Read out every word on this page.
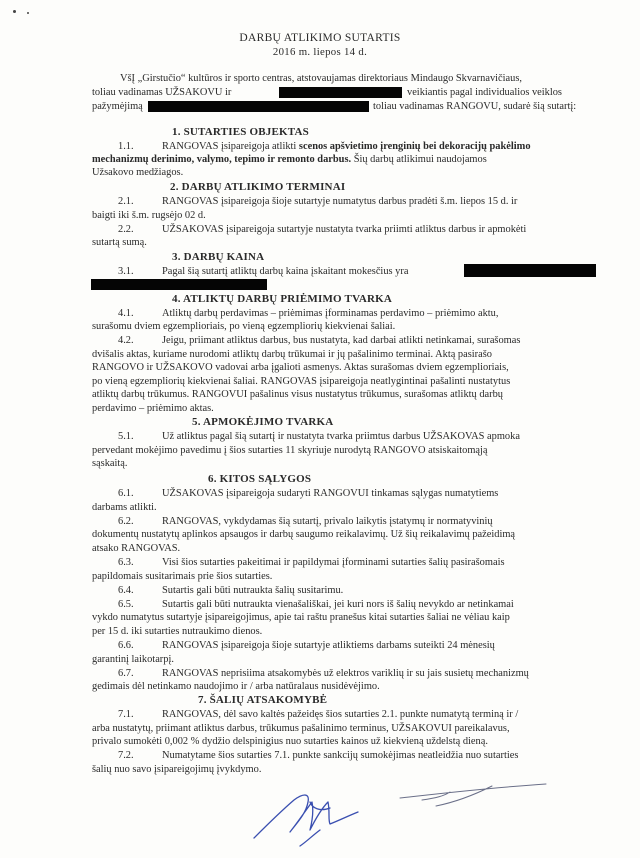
DARBŲ ATLIKIMO SUTARTIS
2016 m. liepos 14 d.
VšĮ „Girstučio“ kultūros ir sporto centras, atstovaujamas direktoriaus Mindaugo Skvarnavičiaus,
toliau vadinamas UŽSAKOVU ir	veikiantis pagal individualios veiklos
pažymėjimą	toliau vadinamas RANGOVU, sudarė šią sutartį:
1. SUTARTIES OBJEKTAS
1.1.	RANGOVAS įsipareigoja atlikti scenos apšvietimo įrenginių bei dekoracijų pakėlimo
mechanizmų derinimo, valymo, tepimo ir remonto darbus. Šių darbų atlikimui naudojamos
Užsakovo medžiagos.
2. DARBŲ ATLIKIMO TERMINAI
2.1.	RANGOVAS įsipareigoja šioje sutartyje numatytus darbus pradėti š.m. liepos 15 d. ir
baigti iki š.m. rugsėjo 02 d.
2.2.	UŽSAKOVAS įsipareigoja sutartyje nustatyta tvarka priimti atliktus darbus ir apmokėti
sutartą sumą.
3. DARBŲ KAINA
3.1.	Pagal šią sutartį atliktų darbų kaina įskaitant mokesčius yra
4. ATLIKTŲ DARBŲ PRIĖMIMO TVARKA
4.1.	Atliktų darbų perdavimas – priėmimas įforminamas perdavimo – priėmimo aktu,
surašomu dviem egzemplioriais, po vieną egzempliorių kiekvienai šaliai.
4.2.	Jeigu, priimant atliktus darbus, bus nustatyta, kad darbai atlikti netinkamai, surašomas
dvišalis aktas, kuriame nurodomi atliktų darbų trūkumai ir jų pašalinimo terminai. Aktą pasirašo
RANGOVO ir UŽSAKOVO vadovai arba įgalioti asmenys. Aktas surašomas dviem egzemplioriais,
po vieną egzempliorių kiekvienai šaliai. RANGOVAS įsipareigoja neatlygintinai pašalinti nustatytus
atliktų darbų trūkumus. RANGOVUI pašalinus visus nustatytus trūkumus, surašomas atliktų darbų
perdavimo – priėmimo aktas.
5. APMOKĖJIMO TVARKA
5.1.	Už atliktus pagal šią sutartį ir nustatyta tvarka priimtus darbus UŽSAKOVAS apmoka
pervedant mokėjimo pavedimu į šios sutarties 11 skyriuje nurodytą RANGOVO atsiskaitomąją
sąskaitą.
6. KITOS SĄLYGOS
6.1.	UŽSAKOVAS įsipareigoja sudaryti RANGOVUI tinkamas sąlygas numatytiems
darbams atlikti.
6.2.	RANGOVAS, vykdydamas šią sutartį, privalo laikytis įstatymų ir normatyvinių
dokumentų nustatytų aplinkos apsaugos ir darbų saugumo reikalavimų. Už šių reikalavimų pažeidimą
atsako RANGOVAS.
6.3.	Visi šios sutarties pakeitimai ir papildymai įforminami sutarties šalių pasirašomais
papildomais susitarimais prie šios sutarties.
6.4.	Sutartis gali būti nutraukta šalių susitarimu.
6.5.	Sutartis gali būti nutraukta vienašališkai, jei kuri nors iš šalių nevykdo ar netinkamai
vykdo numatytus sutartyje įsipareigojimus, apie tai raštu pranešus kitai sutarties šaliai ne vėliau kaip
per 15 d. iki sutarties nutraukimo dienos.
6.6.	RANGOVAS įsipareigoja šioje sutartyje atliktiems darbams suteikti 24 mėnesių
garantinį laikotarpį.
6.7.	RANGOVAS neprisiima atsakomybės už elektros variklių ir su jais susietų mechanizmų
gedimais dėl netinkamo naudojimo ir / arba natūralaus nusidėvėjimo.
7. ŠALIŲ ATSAKOMYBĖ
7.1.	RANGOVAS, dėl savo kaltės pažeidęs šios sutarties 2.1. punkte numatytą terminą ir /
arba nustatytų, priimant atliktus darbus, trūkumus pašalinimo terminus, UŽSAKOVUI pareikalavus,
privalo sumokėti 0,002 % dydžio delspinigius nuo sutarties kainos už kiekvieną uždelstą dieną.
7.2.	Numatytame šios sutarties 7.1. punkte sankcijų sumokėjimas neatleidžia nuo sutarties
šalių nuo savo įsipareigojimų įvykdymo.
